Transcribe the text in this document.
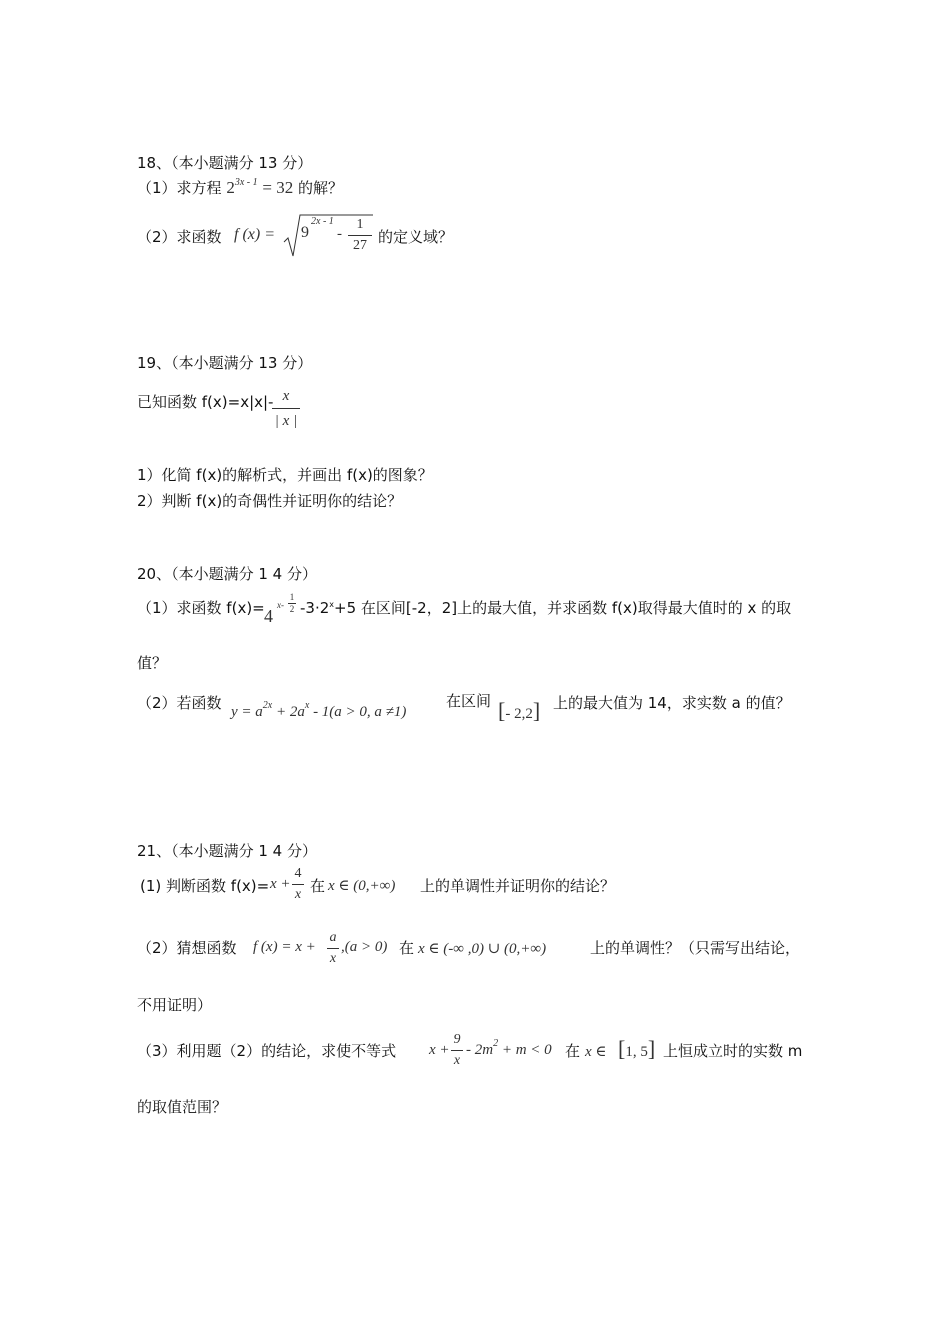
18、（本小题满分 13 分）
（1）求方程 $2^{3x - 1} = 32$ 的解？
（2）求函数 f (x) = 9
2x - 1
- $\frac{1}{27}$ 的定义域？
19、（本小题满分 13 分）
已知函数 f(x)=x|x|-
$\frac{x}{| x |}$
1）化简 f(x)的解析式，并画出 f(x)的图象？
2）判断 f(x)的奇偶性并证明你的结论？
20、（本小题满分 1 4 分）
（1）求函数 f(x)= 4
$x- \frac{1}{2} -3\cdot 2^x+5$ 在区间[-2，2]上的最大值，并求函数 f(x)取得最大值时的 x 的取
值？
（2）若函数 $y = a^{2x} + 2a^x - 1(a > 0$, a ≠1)
在区间 [- 2,2] 上的最大值为 14，求实数 a 的值？
21、（本小题满分 1 4 分）
(1) 判断函数 $f(x)= x + \frac{4}{x}$ 在 x ∈ (0,+∞) 上的单调性并证明你的结论？
（2）猜想函数 f $(x) = x + \frac{a}{x} ,(a > 0)$ 在 x ∈ (-∞ ,0) ∪ (0,+∞)	上的单调性？（只需写出结论，
不用证明）
（3）利用题（2）的结论，求使不等式 $x + \frac{9}{x} - 2m^2 + m < 0$ 在 x ∈ [1, 5] 上恒成立时的实数 m
的取值范围？
